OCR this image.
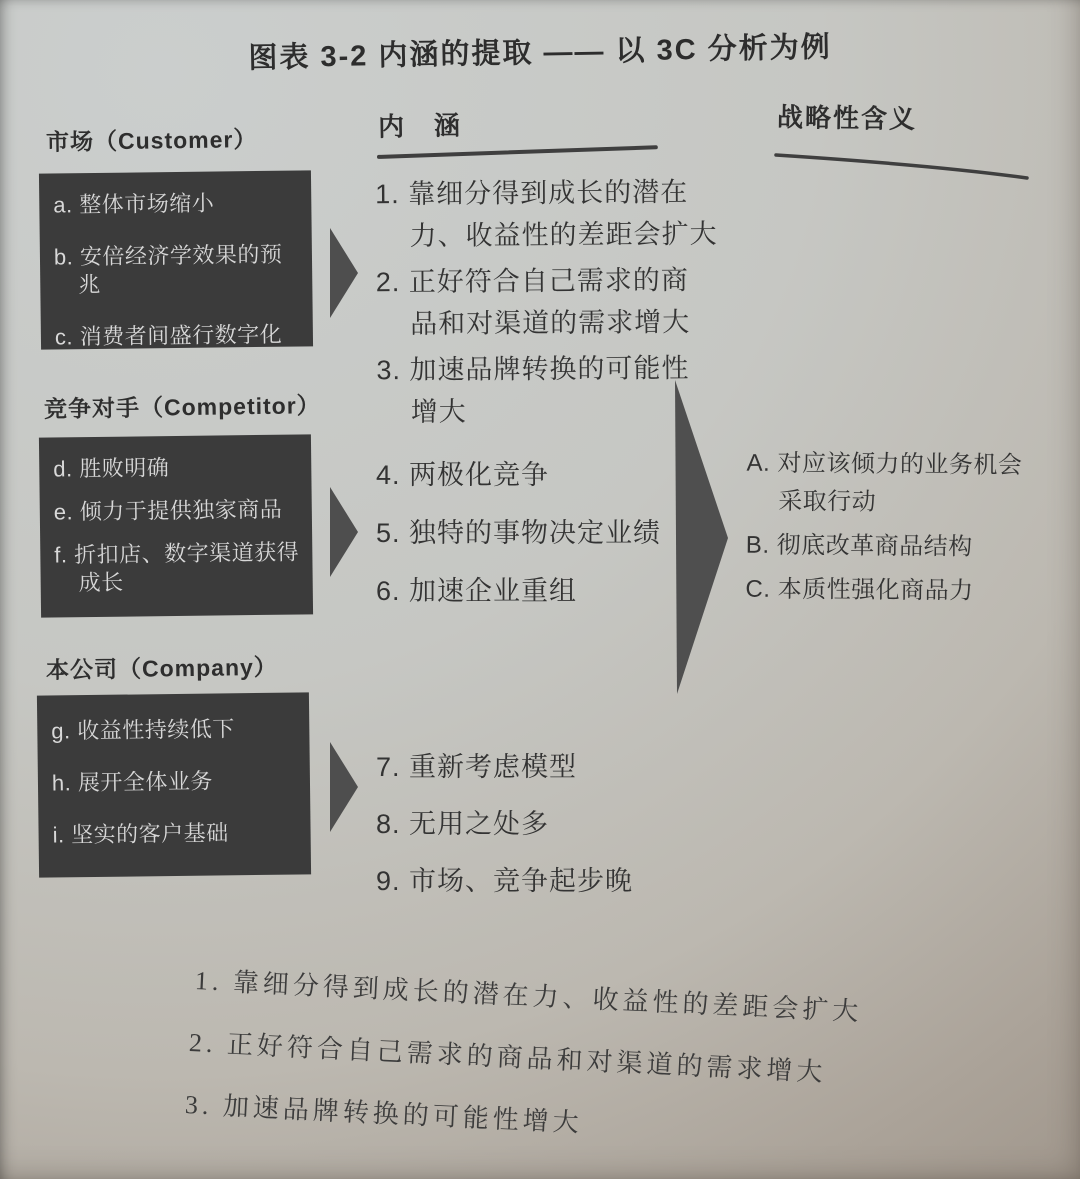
图表 3-2 内涵的提取 —— 以 3C 分析为例
内　涵	战略性含义
市场（Customer）
a. 整体市场缩小
b. 安倍经济学效果的预兆
c. 消费者间盛行数字化
竞争对手（Competitor）
d. 胜败明确
e. 倾力于提供独家商品
f. 折扣店、数字渠道获得
成长
本公司（Company）
g. 收益性持续低下
h. 展开全体业务
i. 坚实的客户基础
1. 靠细分得到成长的潜在
力、收益性的差距会扩大
2. 正好符合自己需求的商
品和对渠道的需求增大
3. 加速品牌转换的可能性
增大
4. 两极化竞争
5. 独特的事物决定业绩
6. 加速企业重组
7. 重新考虑模型
8. 无用之处多
9. 市场、竞争起步晚
A. 对应该倾力的业务机会
采取行动
B. 彻底改革商品结构
C. 本质性强化商品力
1. 靠细分得到成长的潜在力、收益性的差距会扩大
2. 正好符合自己需求的商品和对渠道的需求增大
3. 加速品牌转换的可能性增大
